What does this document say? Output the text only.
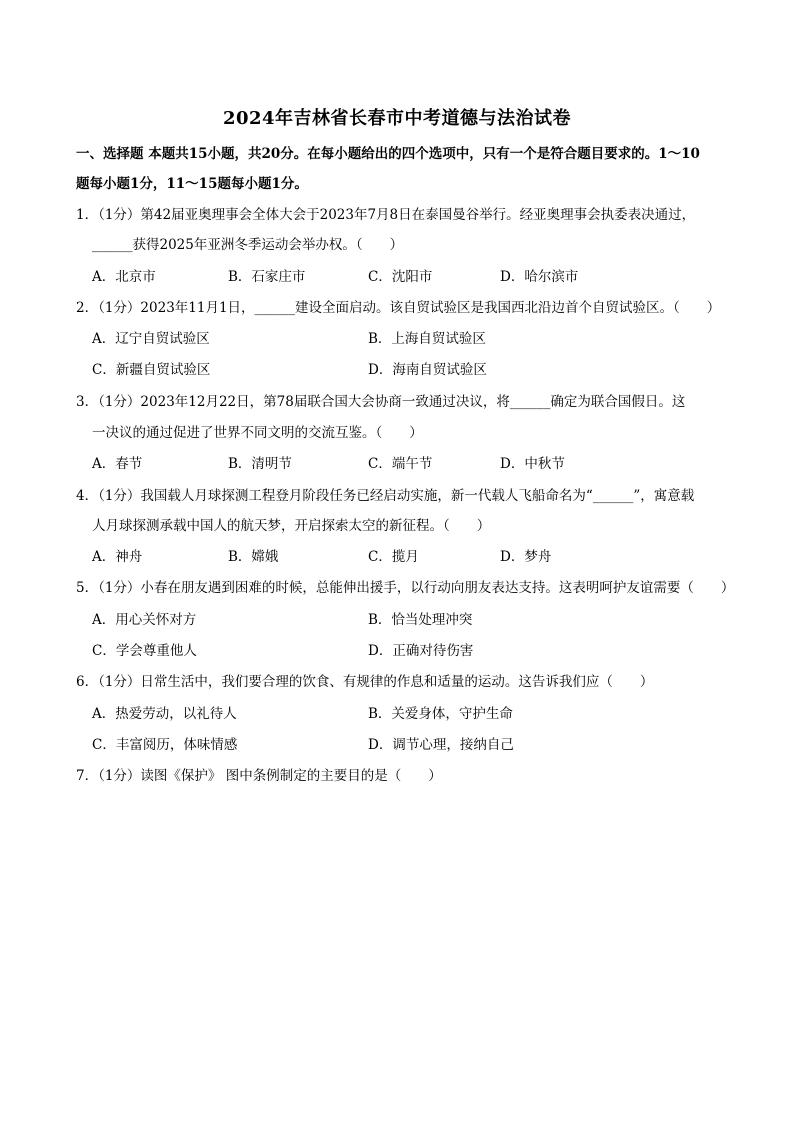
2024年吉林省长春市中考道德与法治试卷
一、选择题 本题共15小题，共20分。在每小题给出的四个选项中，只有一个是符合题目要求的。1～10
题每小题1分，11～15题每小题1分。
1．（1分）第42届亚奥理事会全体大会于2023年7月8日在泰国曼谷举行。经亚奥理事会执委表决通过，
______获得2025年亚洲冬季运动会举办权。（　　）
A．北京市	B．石家庄市	C．沈阳市	D．哈尔滨市
2．（1分）2023年11月1日，______建设全面启动。该自贸试验区是我国西北沿边首个自贸试验区。（　　）
A．辽宁自贸试验区	B．上海自贸试验区
C．新疆自贸试验区	D．海南自贸试验区
3．（1分）2023年12月22日，第78届联合国大会协商一致通过决议，将______确定为联合国假日。这
一决议的通过促进了世界不同文明的交流互鉴。（　　）
A．春节	B．清明节	C．端午节	D．中秋节
4．（1分）我国载人月球探测工程登月阶段任务已经启动实施，新一代载人飞船命名为“______”，寓意载
人月球探测承载中国人的航天梦，开启探索太空的新征程。（　　）
A．神舟	B．嫦娥	C．揽月	D．梦舟
5．（1分）小春在朋友遇到困难的时候，总能伸出援手，以行动向朋友表达支持。这表明呵护友谊需要（　　）
A．用心关怀对方	B．恰当处理冲突
C．学会尊重他人	D．正确对待伤害
6．（1分）日常生活中，我们要合理的饮食、有规律的作息和适量的运动。这告诉我们应（　　）
A．热爱劳动，以礼待人	B．关爱身体，守护生命
C．丰富阅历，体味情感	D．调节心理，接纳自己
7．（1分）读图《保护》 图中条例制定的主要目的是（　　）
